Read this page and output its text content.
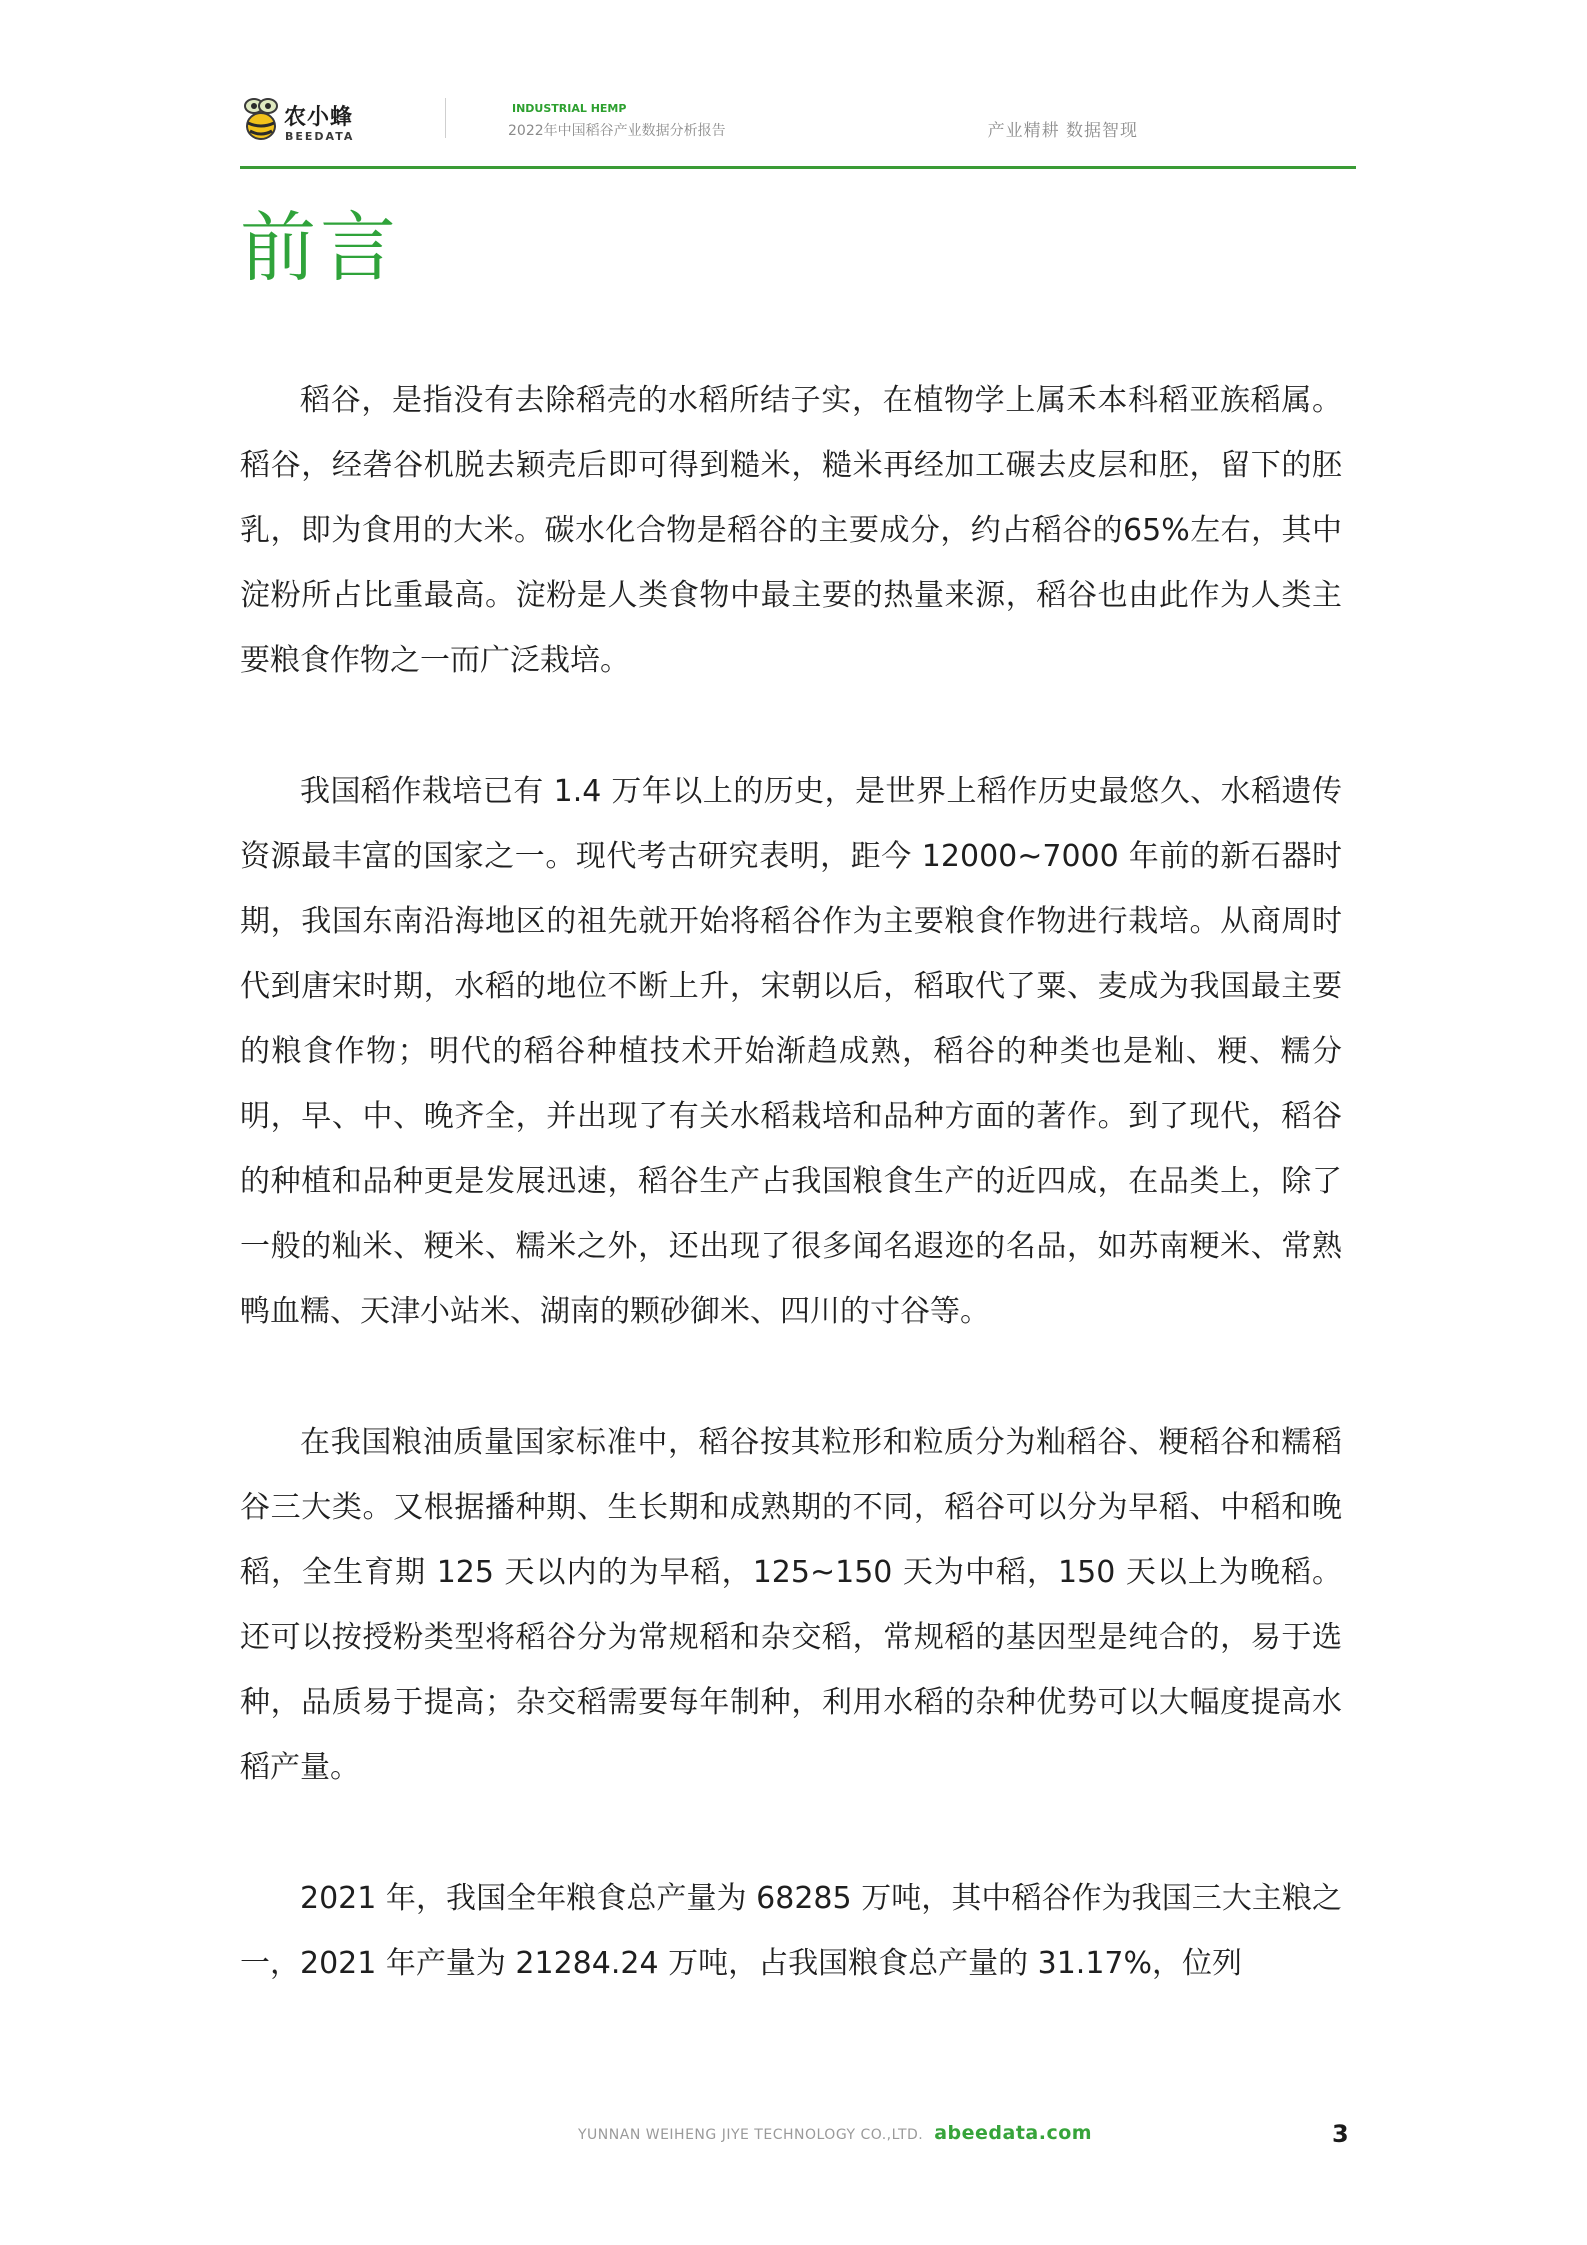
农小蜂
BEEDATA
INDUSTRIAL HEMP
2022年中国稻谷产业数据分析报告	产业精耕 数据智现
前言

稻谷，是指没有去除稻壳的水稻所结子实，在植物学上属禾本科稻亚族稻属。稻谷，经砻谷机脱去颖壳后即可得到糙米，糙米再经加工碾去皮层和胚，留下的胚乳，即为食用的大米。碳水化合物是稻谷的主要成分，约占稻谷的65%左右，其中淀粉所占比重最高。淀粉是人类食物中最主要的热量来源，稻谷也由此作为人类主要粮食作物之一而广泛栽培。

我国稻作栽培已有 1.4 万年以上的历史，是世界上稻作历史最悠久、水稻遗传资源最丰富的国家之一。现代考古研究表明，距今 12000~7000 年前的新石器时期，我国东南沿海地区的祖先就开始将稻谷作为主要粮食作物进行栽培。从商周时代到唐宋时期，水稻的地位不断上升，宋朝以后，稻取代了粟、麦成为我国最主要的粮食作物；明代的稻谷种植技术开始渐趋成熟，稻谷的种类也是籼、粳、糯分明，早、中、晚齐全，并出现了有关水稻栽培和品种方面的著作。到了现代，稻谷的种植和品种更是发展迅速，稻谷生产占我国粮食生产的近四成，在品类上，除了一般的籼米、粳米、糯米之外，还出现了很多闻名遐迩的名品，如苏南粳米、常熟鸭血糯、天津小站米、湖南的颗砂御米、四川的寸谷等。

在我国粮油质量国家标准中，稻谷按其粒形和粒质分为籼稻谷、粳稻谷和糯稻谷三大类。又根据播种期、生长期和成熟期的不同，稻谷可以分为早稻、中稻和晚稻，全生育期 125 天以内的为早稻，125~150 天为中稻，150 天以上为晚稻。还可以按授粉类型将稻谷分为常规稻和杂交稻，常规稻的基因型是纯合的，易于选种，品质易于提高；杂交稻需要每年制种，利用水稻的杂种优势可以大幅度提高水稻产量。

2021 年，我国全年粮食总产量为 68285 万吨，其中稻谷作为我国三大主粮之一，2021 年产量为 21284.24 万吨，占我国粮食总产量的 31.17%，位列

YUNNAN WEIHENG JIYE TECHNOLOGY CO.,LTD. abeedata.com	3
